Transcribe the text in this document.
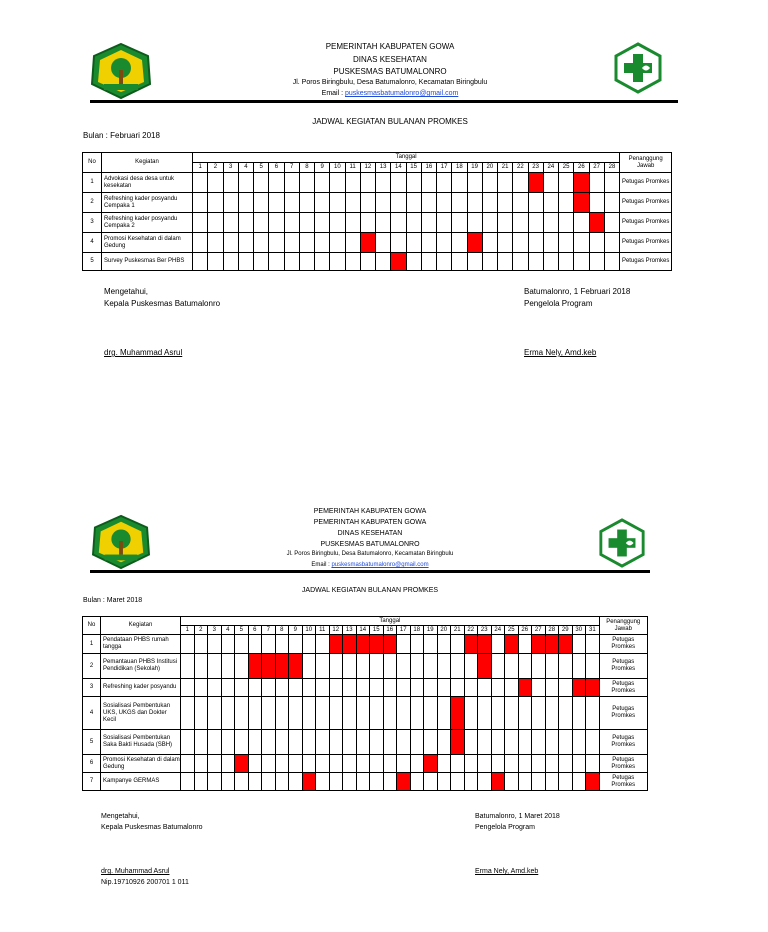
PEMERINTAH KABUPATEN GOWA
DINAS KESEHATAN
PUSKESMAS BATUMALONRO
Jl. Poros Biringbulu, Desa Batumalonro, Kecamatan Biringbulu
Email : puskesmasbatumalonro@gmail.com
JADWAL KEGIATAN BULANAN PROMKES
Bulan : Februari 2018
No	Kegiatan	Tanggal																												Penanggung Jawab
		1	2	3	4	5	6	7	8	9	10	11	12	13	14	15	16	17	18	19	20	21	22	23	24	25	26	27	28	
1	Advokasi desa desa untuk kesekatan																													Petugas Promkes
2	Refreshing kader posyandu Cempaka 1																													Petugas Promkes
3	Refreshing kader posyandu Cempaka 2																													Petugas Promkes
4	Promosi Kesehatan di dalam Gedung																													Petugas Promkes
5	Survey Puskesmas Ber PHBS																													Petugas Promkes
Mengetahui,
Kepala Puskesmas Batumalonro
drg. Muhammad Asrul
Batumalonro, 1 Februari 2018
Pengelola Program
Erma Nely, Amd.keb
PEMERINTAH KABUPATEN GOWA
PEMERINTAH KABUPATEN GOWA
DINAS KESEHATAN
PUSKESMAS BATUMALONRO
Jl. Poros Biringbulu, Desa Batumalonro, Kecamatan Biringbulu
Email : puskesmasbatumalonro@gmail.com
JADWAL KEGIATAN BULANAN PROMKES
Bulan : Maret 2018
No	Kegiatan	Tanggal																															Penanggung Jawab
		1	2	3	4	5	6	7	8	9	10	11	12	13	14	15	16	17	18	19	20	21	22	23	24	25	26	27	28	29	30	31	
1	Pendataan PHBS rumah tangga																																Petugas Promkes
2	Pemantauan PHBS Institusi Pendidikan (Sekolah)																																Petugas Promkes
3	Refreshing kader posyandu																																Petugas Promkes
4	Sosialisasi Pembentukan UKS, UKGS dan Dokter Kecil																																Petugas Promkes
5	Sosialisasi Pembentukan Saka Bakti Husada (SBH)																																Petugas Promkes
6	Promosi Kesehatan di dalam Gedung																																Petugas Promkes
7	Kampanye GERMAS																																Petugas Promkes
Mengetahui,
Kepala Puskesmas Batumalonro
drg. Muhammad Asrul
Nip.19710926 200701 1 011
Batumalonro, 1 Maret 2018
Pengelola Program
Erma Nely, Amd.keb
